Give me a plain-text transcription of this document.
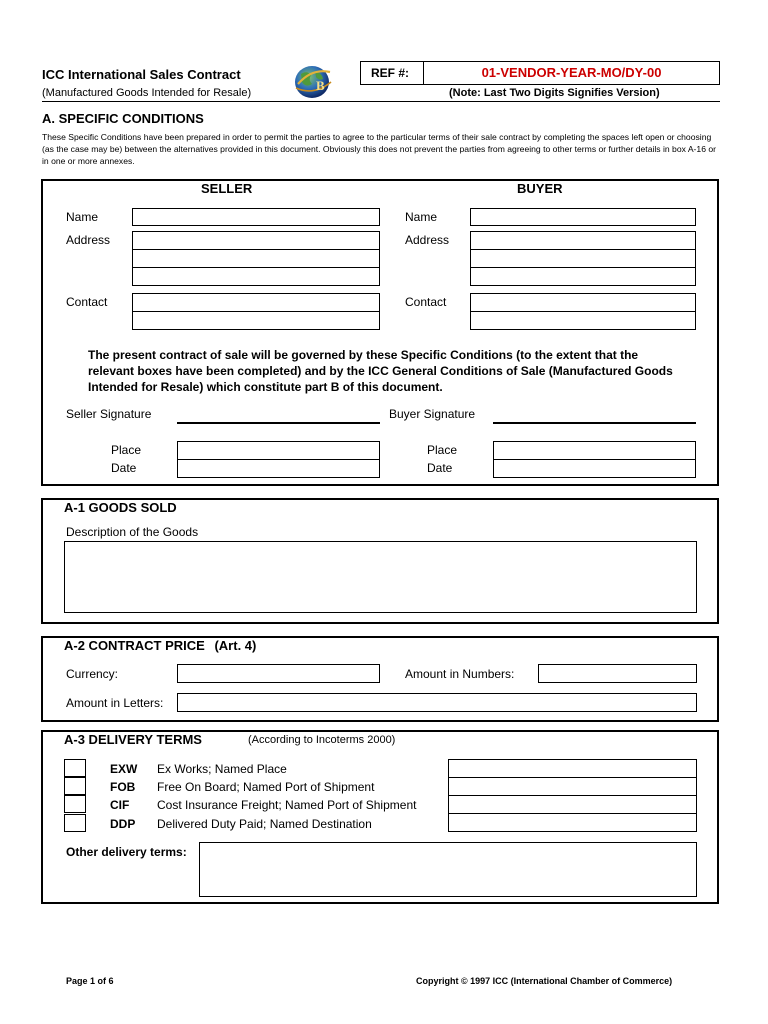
ICC International Sales Contract
(Manufactured Goods Intended for Resale)	B
REF #:	01-VENDOR-YEAR-MO/DY-00
(Note: Last Two Digits Signifies Version)
A. SPECIFIC CONDITIONS
These Specific Conditions have been prepared in order to permit the parties to agree to the particular terms of their sale contract by completing the spaces left open or choosing (as the case may be) between the alternatives provided in this document. Obviously this does not prevent the parties from agreeing to other terms or further details in box A-16 or in one or more annexes.
SELLER	BUYER
Name
Address
Contact
Name
Address
Contact
The present contract of sale will be governed by these Specific Conditions (to the extent that the relevant boxes have been completed) and by the ICC General Conditions of Sale (Manufactured Goods Intended for Resale) which constitute part B of this document.
Seller Signature	Buyer Signature
Place
Date
Place
Date
A-1 GOODS SOLD
Description of the Goods
A-2 CONTRACT PRICE (Art. 4)
Currency:	Amount in Numbers:
Amount in Letters:
A-3 DELIVERY TERMS	(According to Incoterms 2000)
EXW Ex Works; Named Place
FOB Free On Board; Named Port of Shipment
CIF Cost Insurance Freight; Named Port of Shipment
DDP Delivered Duty Paid; Named Destination
Other delivery terms:
Page 1 of 6	Copyright © 1997 ICC (International Chamber of Commerce)
